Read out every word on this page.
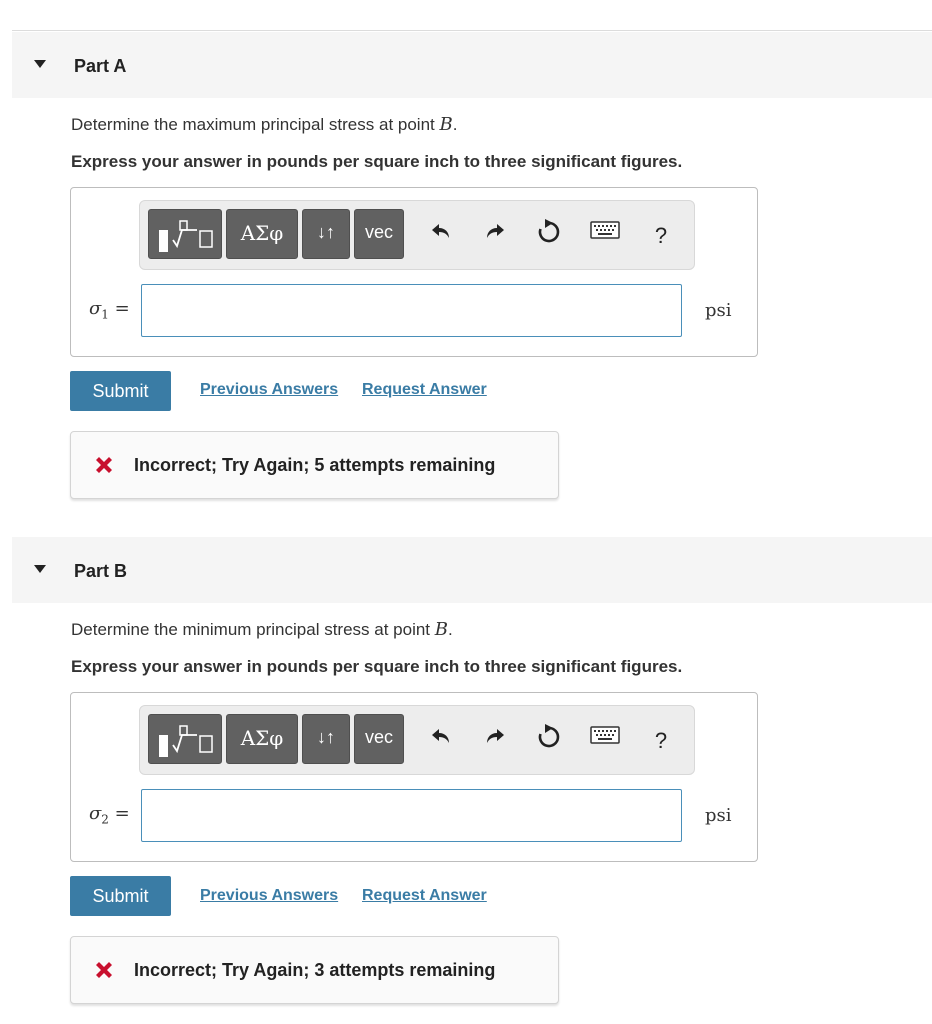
Part A
Determine the maximum principal stress at point B.
Express your answer in pounds per square inch to three significant figures.
ΑΣφ	↓↑	vec	?
$\sigma_1$ =	psi
Submit	Previous Answers Request Answer
Incorrect; Try Again; 5 attempts remaining
Part B
Determine the minimum principal stress at point B.
Express your answer in pounds per square inch to three significant figures.
ΑΣφ	↓↑	vec	?
$\sigma_2$ =	psi
Submit	Previous Answers Request Answer
Incorrect; Try Again; 3 attempts remaining
